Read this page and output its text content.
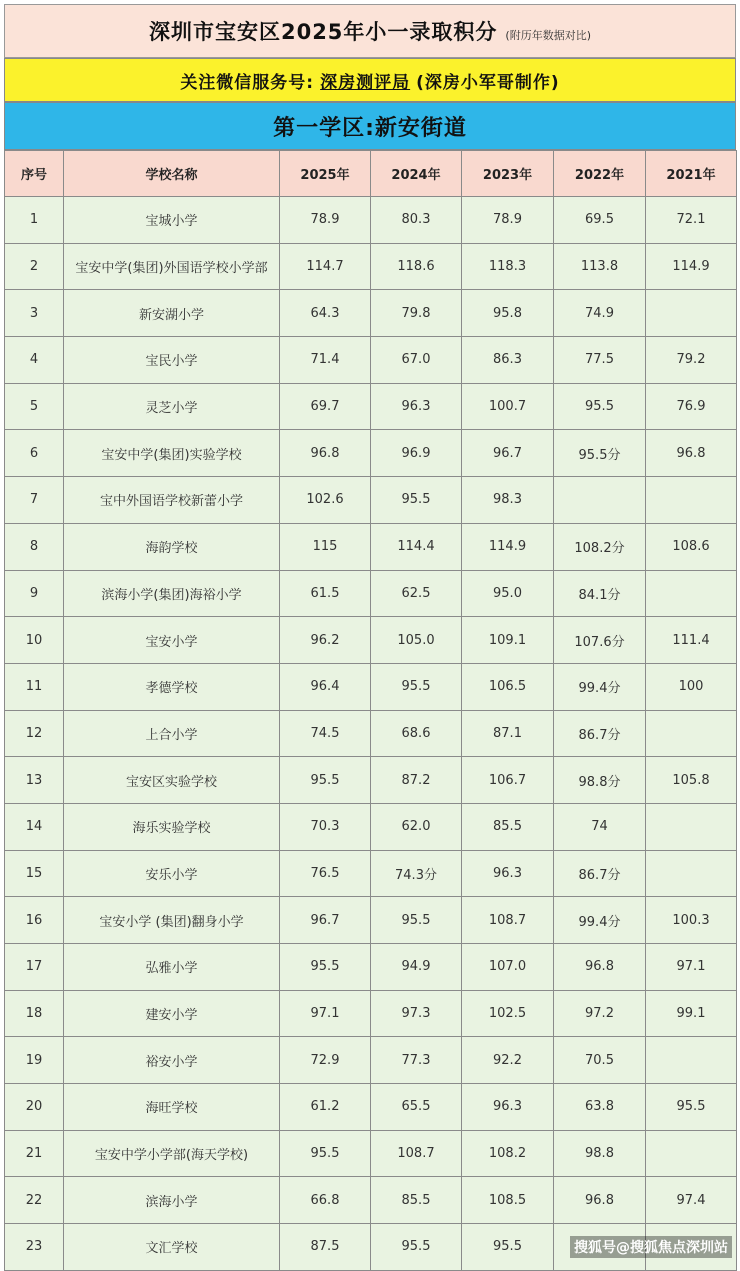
深圳市宝安区2025年小一录取积分 (附历年数据对比)
关注微信服务号: 深房测评局 (深房小军哥制作)
第一学区:新安街道
序号	学校名称	2025年	2024年	2023年	2022年	2021年
1	宝城小学	78.9	80.3	78.9	69.5	72.1
2	宝安中学(集团)外国语学校小学部	114.7	118.6	118.3	113.8	114.9
3	新安湖小学	64.3	79.8	95.8	74.9	
4	宝民小学	71.4	67.0	86.3	77.5	79.2
5	灵芝小学	69.7	96.3	100.7	95.5	76.9
6	宝安中学(集团)实验学校	96.8	96.9	96.7	95.5分	96.8
7	宝中外国语学校新蕾小学	102.6	95.5	98.3		
8	海韵学校	115	114.4	114.9	108.2分	108.6
9	滨海小学(集团)海裕小学	61.5	62.5	95.0	84.1分	
10	宝安小学	96.2	105.0	109.1	107.6分	111.4
11	孝德学校	96.4	95.5	106.5	99.4分	100
12	上合小学	74.5	68.6	87.1	86.7分	
13	宝安区实验学校	95.5	87.2	106.7	98.8分	105.8
14	海乐实验学校	70.3	62.0	85.5	74	
15	安乐小学	76.5	74.3分	96.3	86.7分	
16	宝安小学 (集团)翻身小学	96.7	95.5	108.7	99.4分	100.3
17	弘雅小学	95.5	94.9	107.0	96.8	97.1
18	建安小学	97.1	97.3	102.5	97.2	99.1
19	裕安小学	72.9	77.3	92.2	70.5	
20	海旺学校	61.2	65.5	96.3	63.8	95.5
21	宝安中学小学部(海天学校)	95.5	108.7	108.2	98.8	
22	滨海小学	66.8	85.5	108.5	96.8	97.4
23	文汇学校	87.5	95.5	95.5			搜狐号@搜狐焦点深圳站
